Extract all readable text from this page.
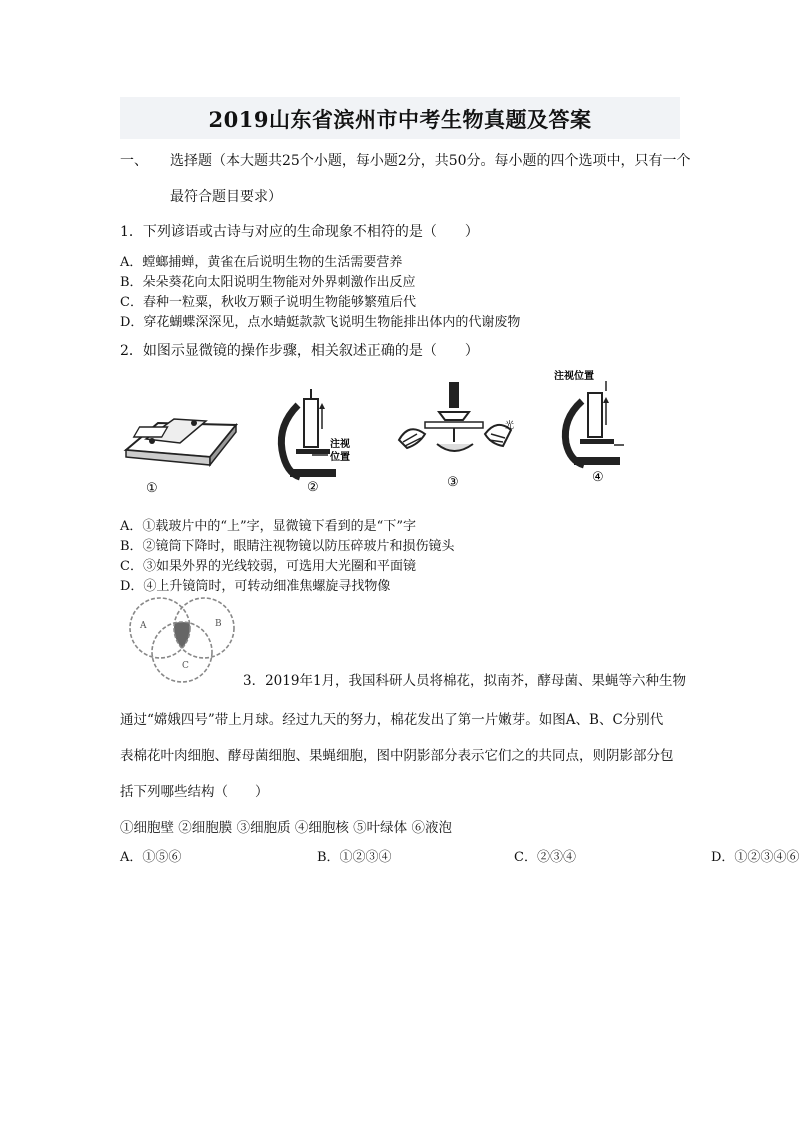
2019山东省滨州市中考生物真题及答案
一、 选择题（本大题共25个小题，每小题2分，共50分。每小题的四个选项中，只有一个
最符合题目要求）
1．下列谚语或古诗与对应的生命现象不相符的是（　　）
A．螳螂捕蝉，黄雀在后说明生物的生活需要营养
B．朵朵葵花向太阳说明生物能对外界刺激作出反应
C．春种一粒粟，秋收万颗子说明生物能够繁殖后代
D．穿花蝴蝶深深见，点水蜻蜓款款飞说明生物能排出体内的代谢废物
2．如图示显微镜的操作步骤，相关叙述正确的是（　　）
①
注视
位置
②
光
③
注视位置
④
A．①载玻片中的“上”字，显微镜下看到的是“下”字
B．②镜筒下降时，眼睛注视物镜以防压碎玻片和损伤镜头
C．③如果外界的光线较弱，可选用大光圈和平面镜
D．④上升镜筒时，可转动细准焦螺旋寻找物像
A	B
C
3．2019年1月，我国科研人员将棉花，拟南芥，酵母菌、果蝇等六种生物
通过“嫦娥四号”带上月球。经过九天的努力，棉花发出了第一片嫩芽。如图A、B、C分别代
表棉花叶肉细胞、酵母菌细胞、果蝇细胞，图中阴影部分表示它们之的共同点，则阴影部分包
括下列哪些结构（　　）
①细胞壁 ②细胞膜 ③细胞质 ④细胞核 ⑤叶绿体 ⑥液泡
A．①⑤⑥	B．①②③④	C．②③④	D．①②③④⑥
